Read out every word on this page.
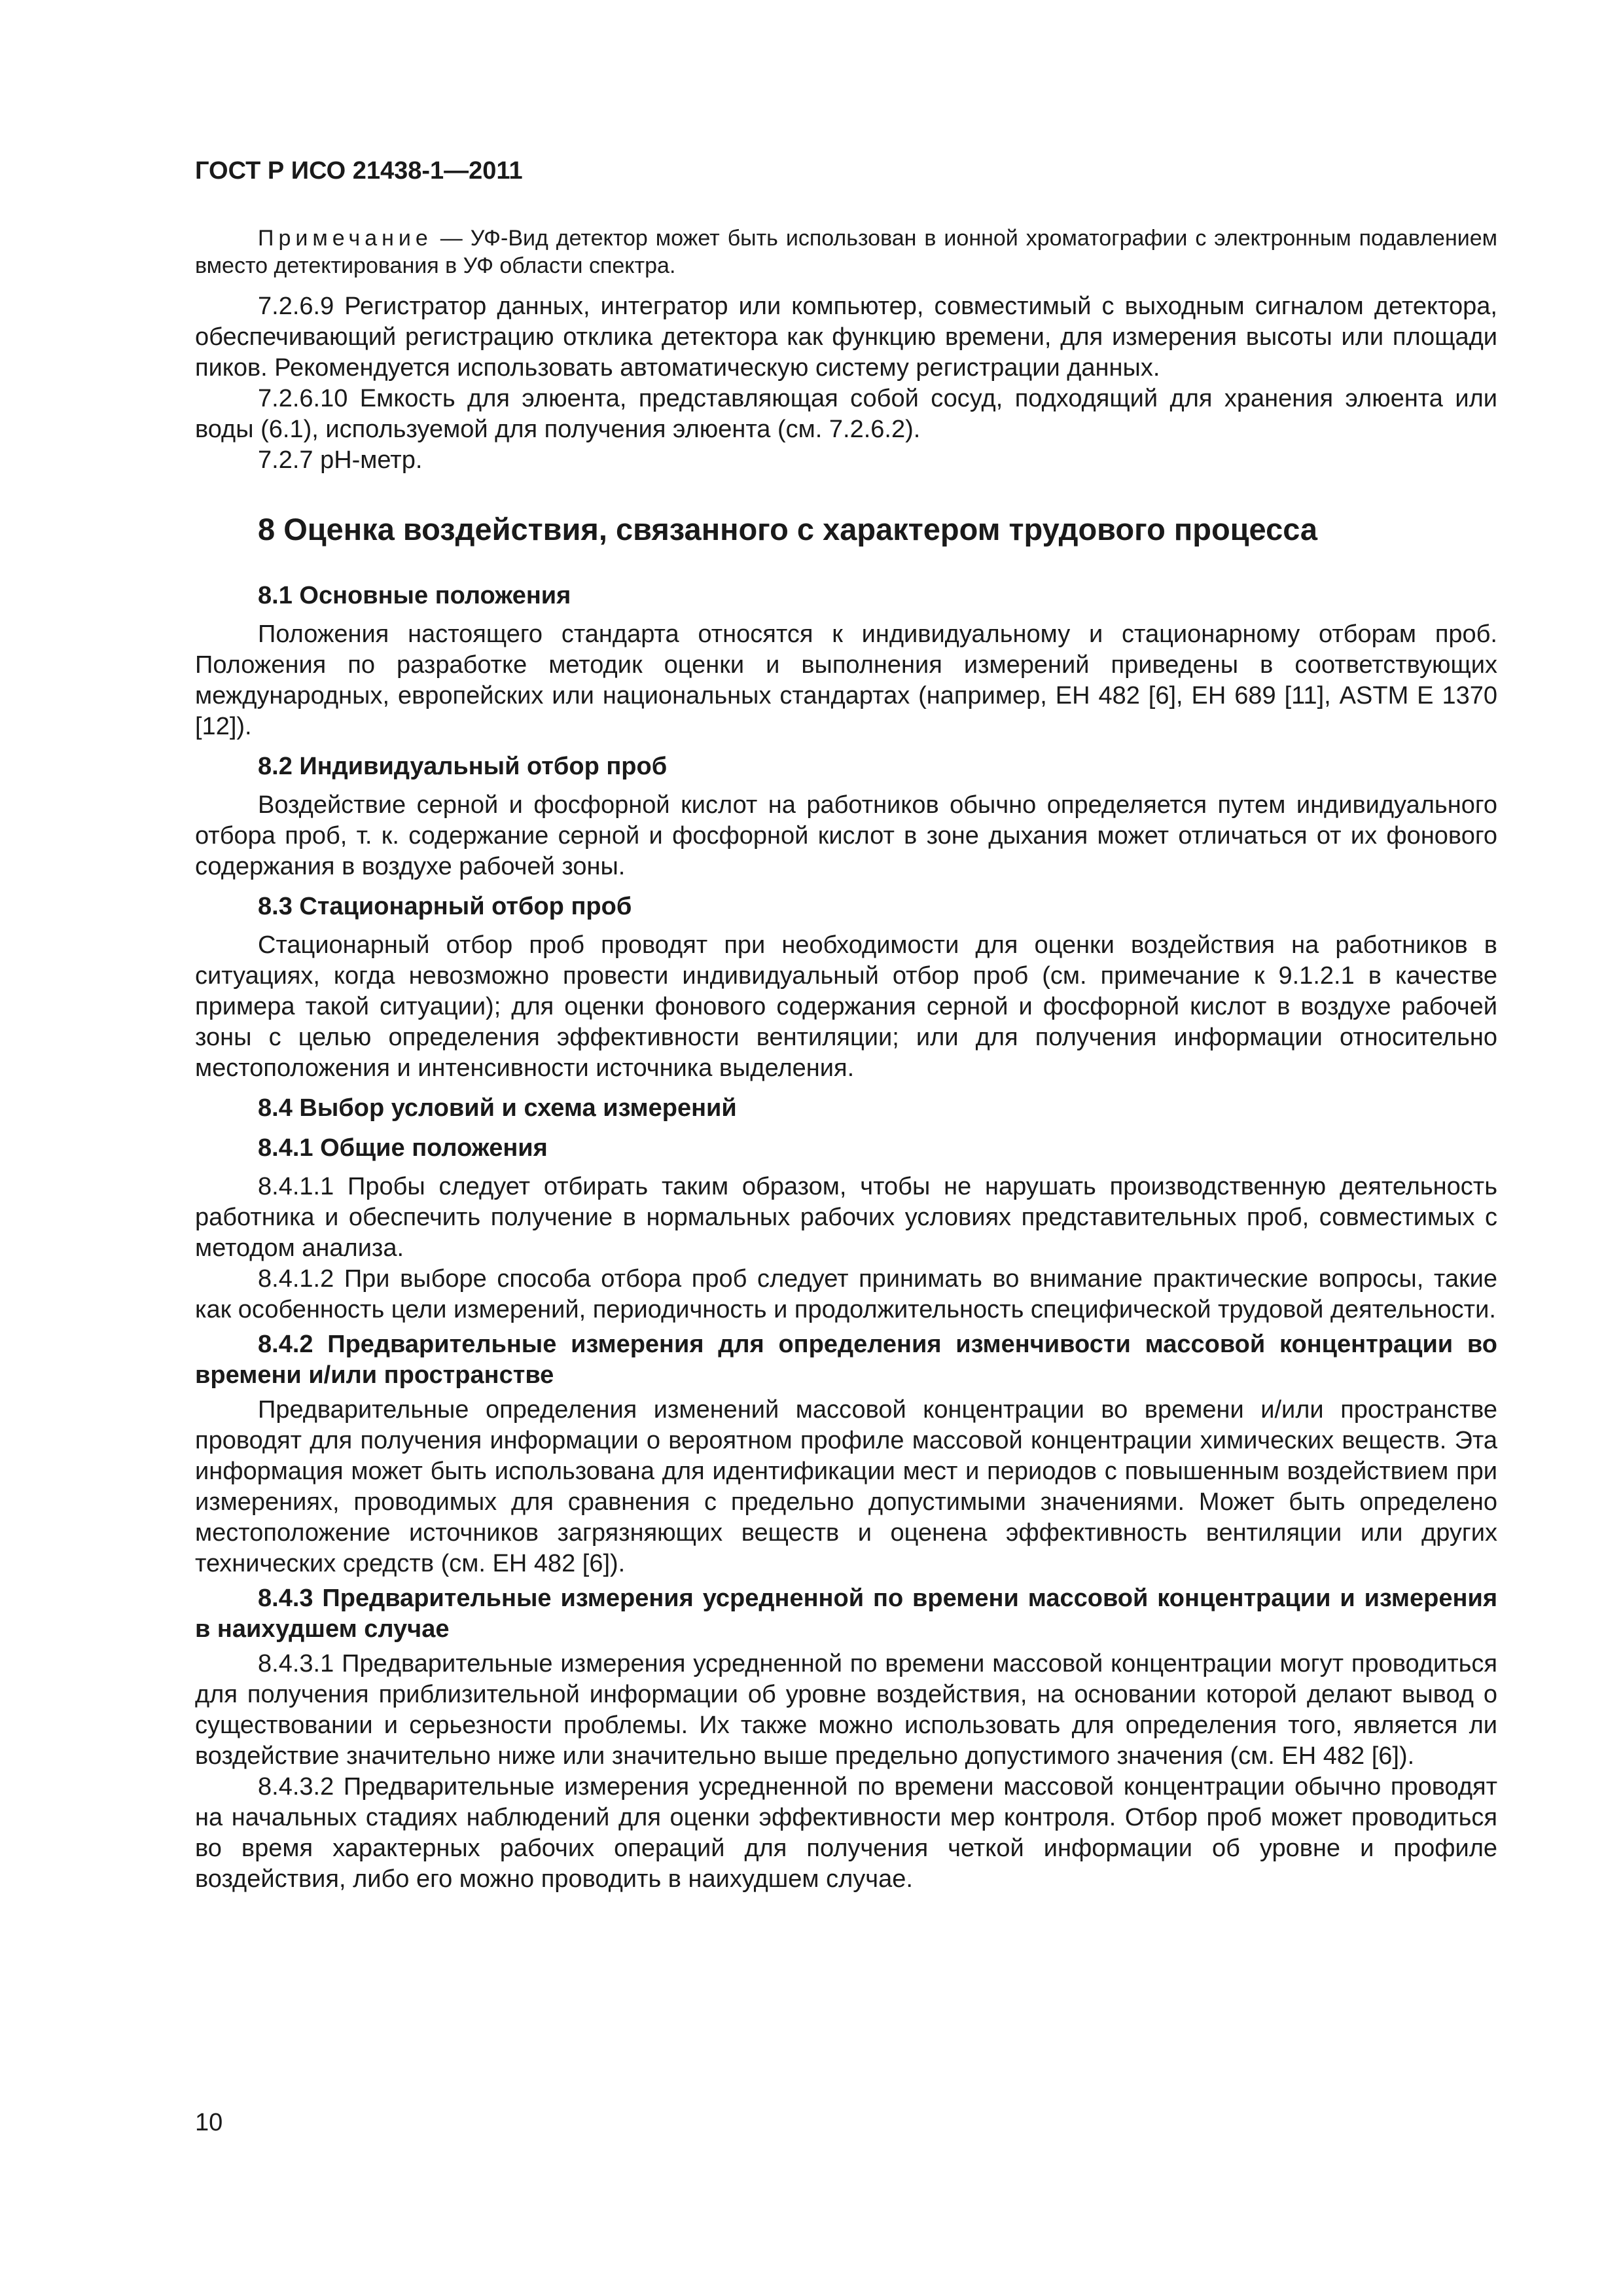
ГОСТ Р ИСО 21438-1—2011

Примечание — УФ-Вид детектор может быть использован в ионной хроматографии с электронным подавлением вместо детектирования в УФ области спектра.

7.2.6.9 Регистратор данных, интегратор или компьютер, совместимый с выходным сигналом детектора, обеспечивающий регистрацию отклика детектора как функцию времени, для измерения высоты или площади пиков. Рекомендуется использовать автоматическую систему регистрации данных.

7.2.6.10 Емкость для элюента, представляющая собой сосуд, подходящий для хранения элюента или воды (6.1), используемой для получения элюента (см. 7.2.6.2).

7.2.7 pH-метр.

8 Оценка воздействия, связанного с характером трудового процесса
8.1 Основные положения

Положения настоящего стандарта относятся к индивидуальному и стационарному отборам проб. Положения по разработке методик оценки и выполнения измерений приведены в соответствующих международных, европейских или национальных стандартах (например, ЕН 482 [6], ЕН 689 [11], ASTM E 1370 [12]).

8.2 Индивидуальный отбор проб

Воздействие серной и фосфорной кислот на работников обычно определяется путем индивидуального отбора проб, т. к. содержание серной и фосфорной кислот в зоне дыхания может отличаться от их фонового содержания в воздухе рабочей зоны.

8.3 Стационарный отбор проб

Стационарный отбор проб проводят при необходимости для оценки воздействия на работников в ситуациях, когда невозможно провести индивидуальный отбор проб (см. примечание к 9.1.2.1 в качестве примера такой ситуации); для оценки фонового содержания серной и фосфорной кислот в воздухе рабочей зоны с целью определения эффективности вентиляции; или для получения информации относительно местоположения и интенсивности источника выделения.

8.4 Выбор условий и схема измерений
8.4.1 Общие положения

8.4.1.1 Пробы следует отбирать таким образом, чтобы не нарушать производственную деятельность работника и обеспечить получение в нормальных рабочих условиях представительных проб, совместимых с методом анализа.

8.4.1.2 При выборе способа отбора проб следует принимать во внимание практические вопросы, такие как особенность цели измерений, периодичность и продолжительность специфической трудовой деятельности.

8.4.2 Предварительные измерения для определения изменчивости массовой концентрации во времени и/или пространстве

Предварительные определения изменений массовой концентрации во времени и/или пространстве проводят для получения информации о вероятном профиле массовой концентрации химических веществ. Эта информация может быть использована для идентификации мест и периодов с повышенным воздействием при измерениях, проводимых для сравнения с предельно допустимыми значениями. Может быть определено местоположение источников загрязняющих веществ и оценена эффективность вентиляции или других технических средств (см. ЕН 482 [6]).

8.4.3 Предварительные измерения усредненной по времени массовой концентрации и измерения в наихудшем случае

8.4.3.1 Предварительные измерения усредненной по времени массовой концентрации могут проводиться для получения приблизительной информации об уровне воздействия, на основании которой делают вывод о существовании и серьезности проблемы. Их также можно использовать для определения того, является ли воздействие значительно ниже или значительно выше предельно допустимого значения (см. ЕН 482 [6]).

8.4.3.2 Предварительные измерения усредненной по времени массовой концентрации обычно проводят на начальных стадиях наблюдений для оценки эффективности мер контроля. Отбор проб может проводиться во время характерных рабочих операций для получения четкой информации об уровне и профиле воздействия, либо его можно проводить в наихудшем случае.

10
